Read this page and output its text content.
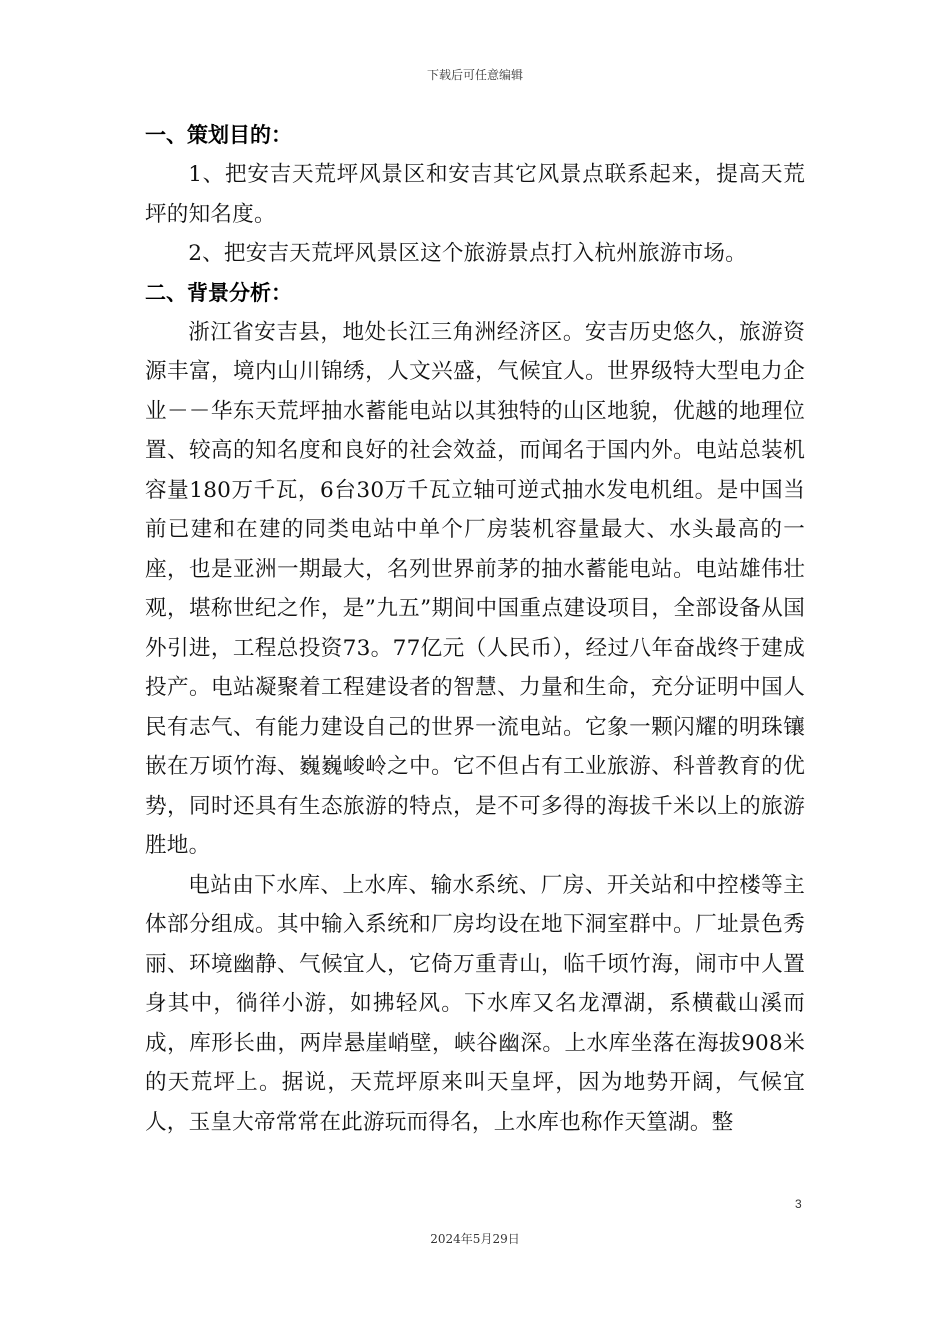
下载后可任意编辑
一、策划目的：

1、把安吉天荒坪风景区和安吉其它风景点联系起来，提高天荒坪的知名度。

2、把安吉天荒坪风景区这个旅游景点打入杭州旅游市场。

二、背景分析：

浙江省安吉县，地处长江三角洲经济区。安吉历史悠久，旅游资源丰富，境内山川锦绣，人文兴盛，气候宜人。世界级特大型电力企业－－华东天荒坪抽水蓄能电站以其独特的山区地貌，优越的地理位置、较高的知名度和良好的社会效益，而闻名于国内外。电站总装机容量180万千瓦，6台30万千瓦立轴可逆式抽水发电机组。是中国当前已建和在建的同类电站中单个厂房装机容量最大、水头最高的一座，也是亚洲一期最大，名列世界前茅的抽水蓄能电站。电站雄伟壮观，堪称世纪之作，是”九五”期间中国重点建设项目，全部设备从国外引进，工程总投资73。77亿元（人民币），经过八年奋战终于建成投产。电站凝聚着工程建设者的智慧、力量和生命，充分证明中国人民有志气、有能力建设自己的世界一流电站。它象一颗闪耀的明珠镶嵌在万顷竹海、巍巍峻岭之中。它不但占有工业旅游、科普教育的优势，同时还具有生态旅游的特点，是不可多得的海拔千米以上的旅游胜地。

电站由下水库、上水库、输水系统、厂房、开关站和中控楼等主体部分组成。其中输入系统和厂房均设在地下洞室群中。厂址景色秀丽、环境幽静、气候宜人，它倚万重青山，临千顷竹海，闹市中人置身其中，徜徉小游，如拂轻风。下水库又名龙潭湖，系横截山溪而成，库形长曲，两岸悬崖峭壁，峡谷幽深。上水库坐落在海拔908米的天荒坪上。据说，天荒坪原来叫天皇坪，因为地势开阔，气候宜人，玉皇大帝常常在此游玩而得名，上水库也称作天篁湖。整

3
2024年5月29日
